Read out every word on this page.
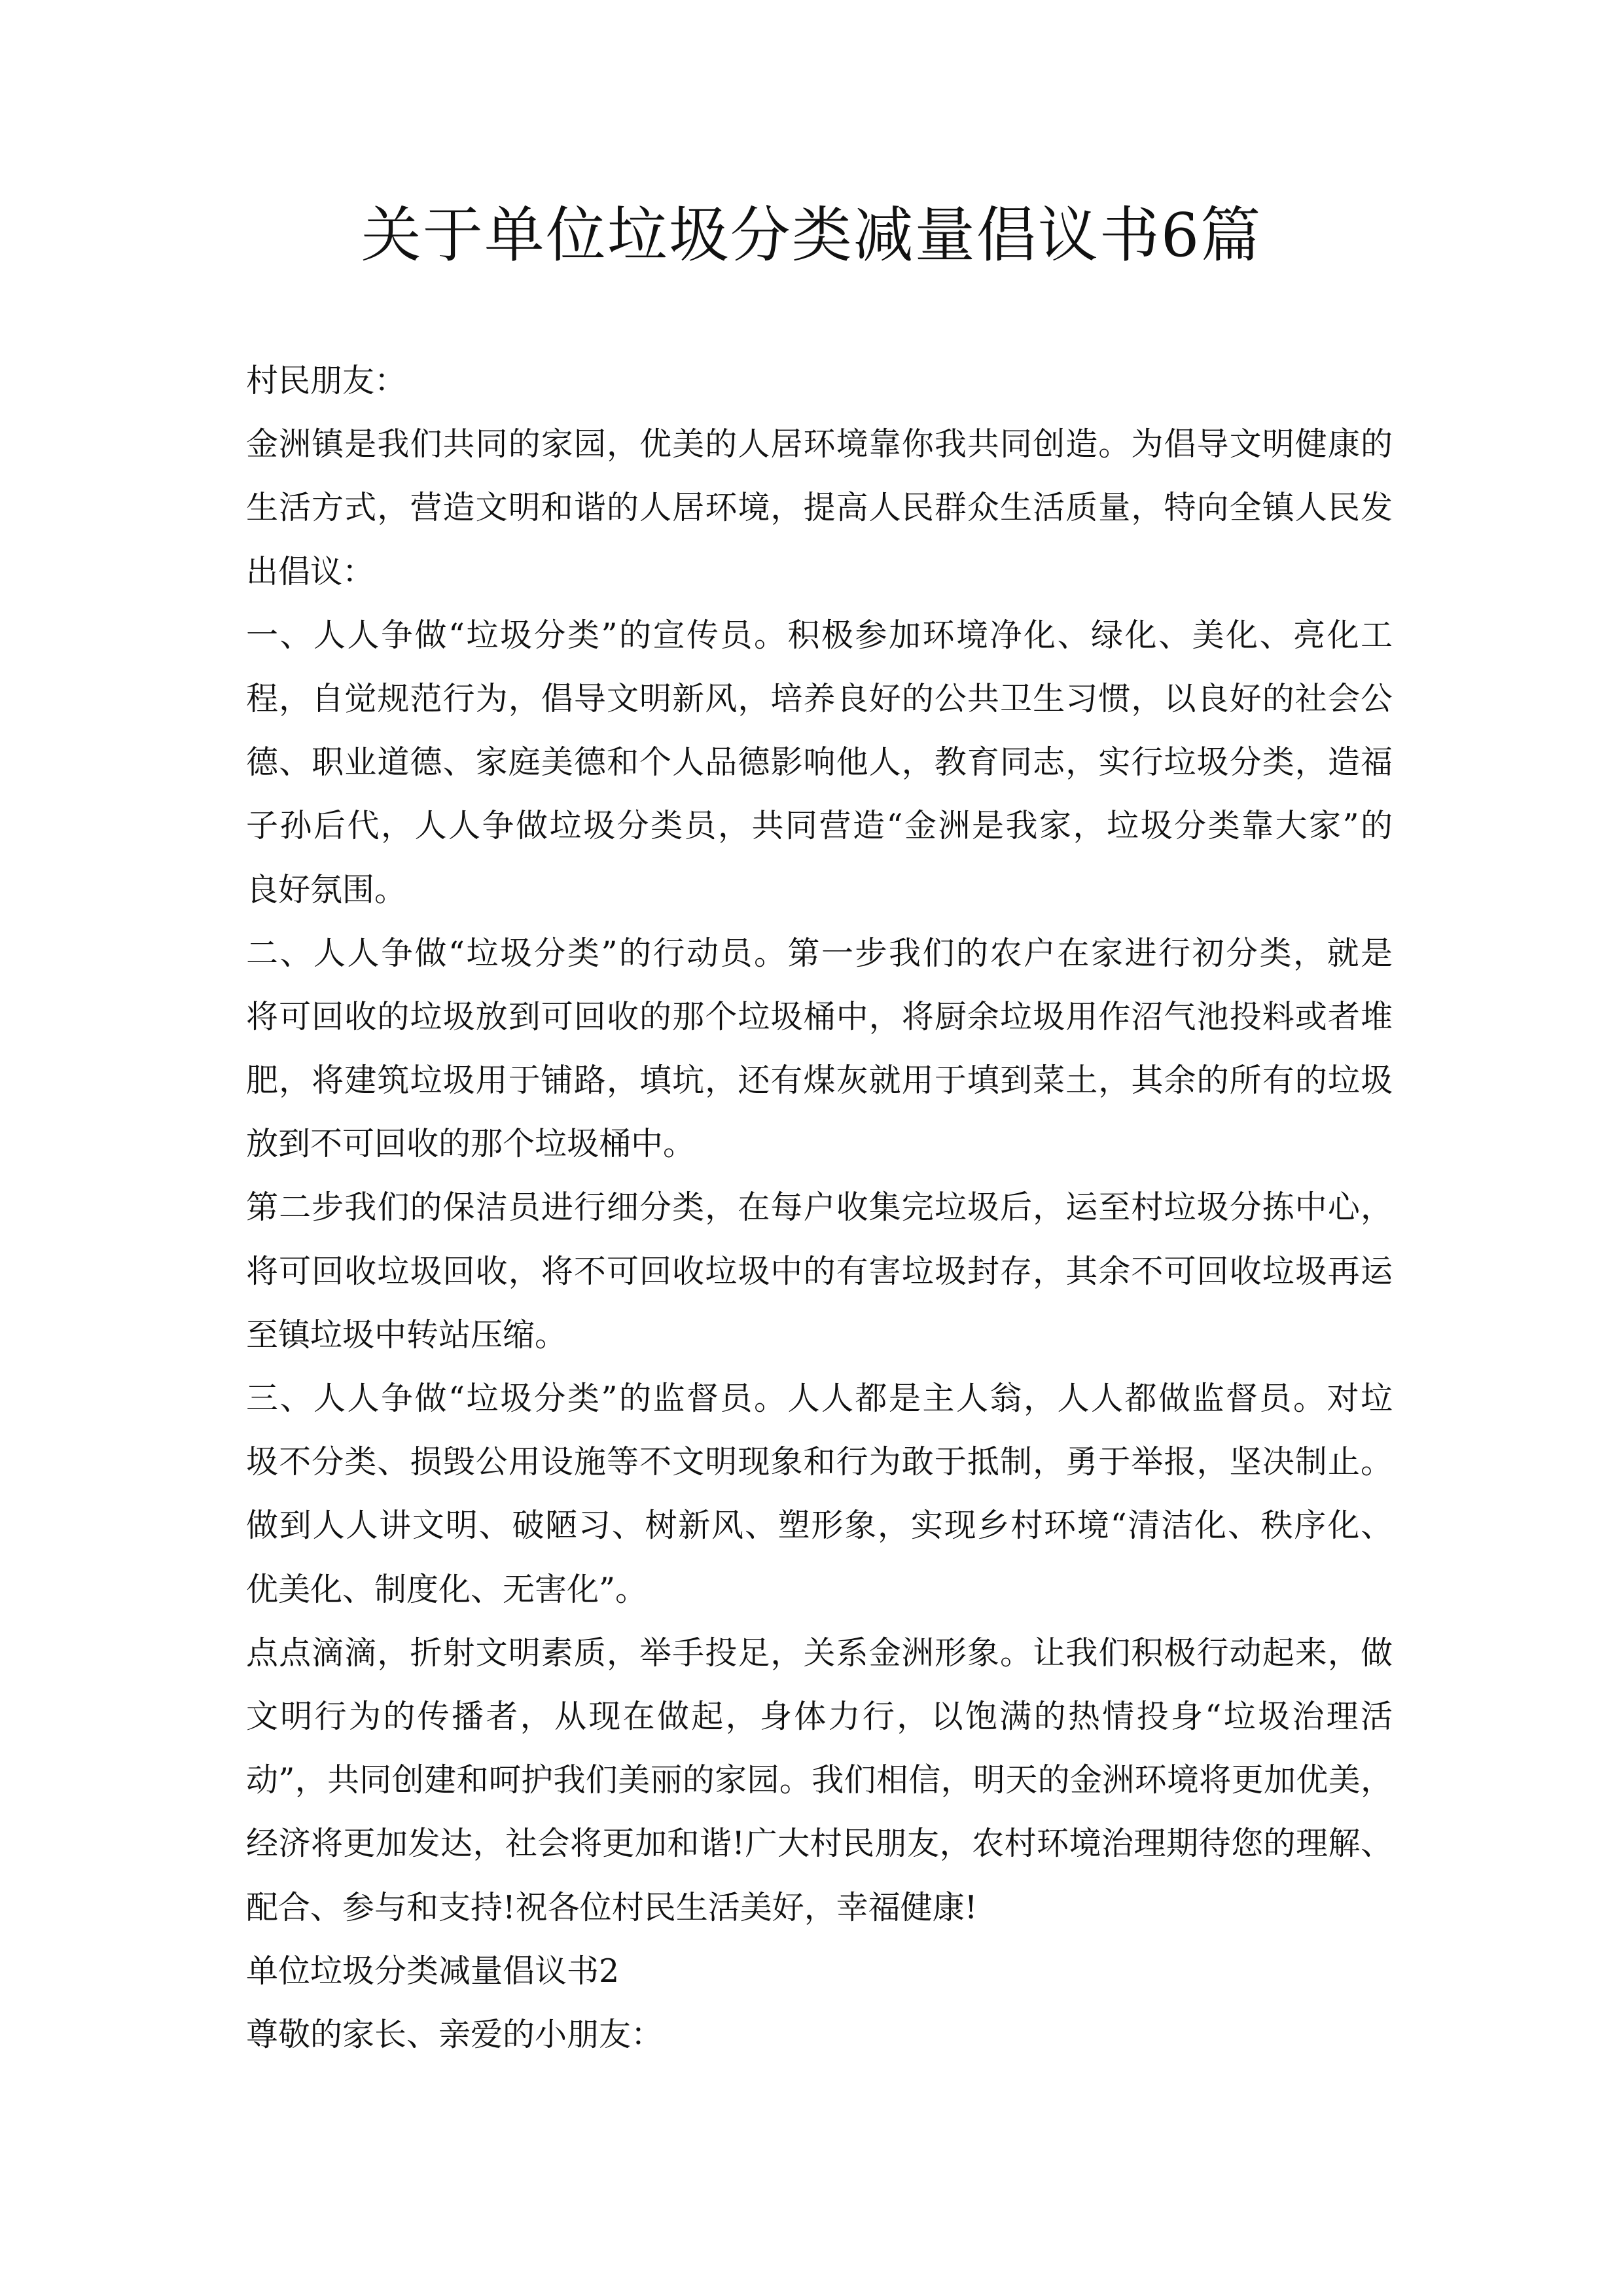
关于单位垃圾分类减量倡议书6篇
村民朋友：
金洲镇是我们共同的家园，优美的人居环境靠你我共同创造。为倡导文明健康的
生活方式，营造文明和谐的人居环境，提高人民群众生活质量，特向全镇人民发
出倡议：
一、人人争做“垃圾分类”的宣传员。积极参加环境净化、绿化、美化、亮化工
程，自觉规范行为，倡导文明新风，培养良好的公共卫生习惯，以良好的社会公
德、职业道德、家庭美德和个人品德影响他人，教育同志，实行垃圾分类，造福
子孙后代，人人争做垃圾分类员，共同营造“金洲是我家，垃圾分类靠大家”的
良好氛围。
二、人人争做“垃圾分类”的行动员。第一步我们的农户在家进行初分类，就是
将可回收的垃圾放到可回收的那个垃圾桶中，将厨余垃圾用作沼气池投料或者堆
肥，将建筑垃圾用于铺路，填坑，还有煤灰就用于填到菜土，其余的所有的垃圾
放到不可回收的那个垃圾桶中。
第二步我们的保洁员进行细分类，在每户收集完垃圾后，运至村垃圾分拣中心，
将可回收垃圾回收，将不可回收垃圾中的有害垃圾封存，其余不可回收垃圾再运
至镇垃圾中转站压缩。
三、人人争做“垃圾分类”的监督员。人人都是主人翁，人人都做监督员。对垃
圾不分类、损毁公用设施等不文明现象和行为敢于抵制，勇于举报，坚决制止。
做到人人讲文明、破陋习、树新风、塑形象，实现乡村环境“清洁化、秩序化、
优美化、制度化、无害化”。
点点滴滴，折射文明素质，举手投足，关系金洲形象。让我们积极行动起来，做
文明行为的传播者，从现在做起，身体力行，以饱满的热情投身“垃圾治理活
动”，共同创建和呵护我们美丽的家园。我们相信，明天的金洲环境将更加优美，
经济将更加发达，社会将更加和谐!广大村民朋友，农村环境治理期待您的理解、
配合、参与和支持!祝各位村民生活美好，幸福健康!
单位垃圾分类减量倡议书2
尊敬的家长、亲爱的小朋友：
